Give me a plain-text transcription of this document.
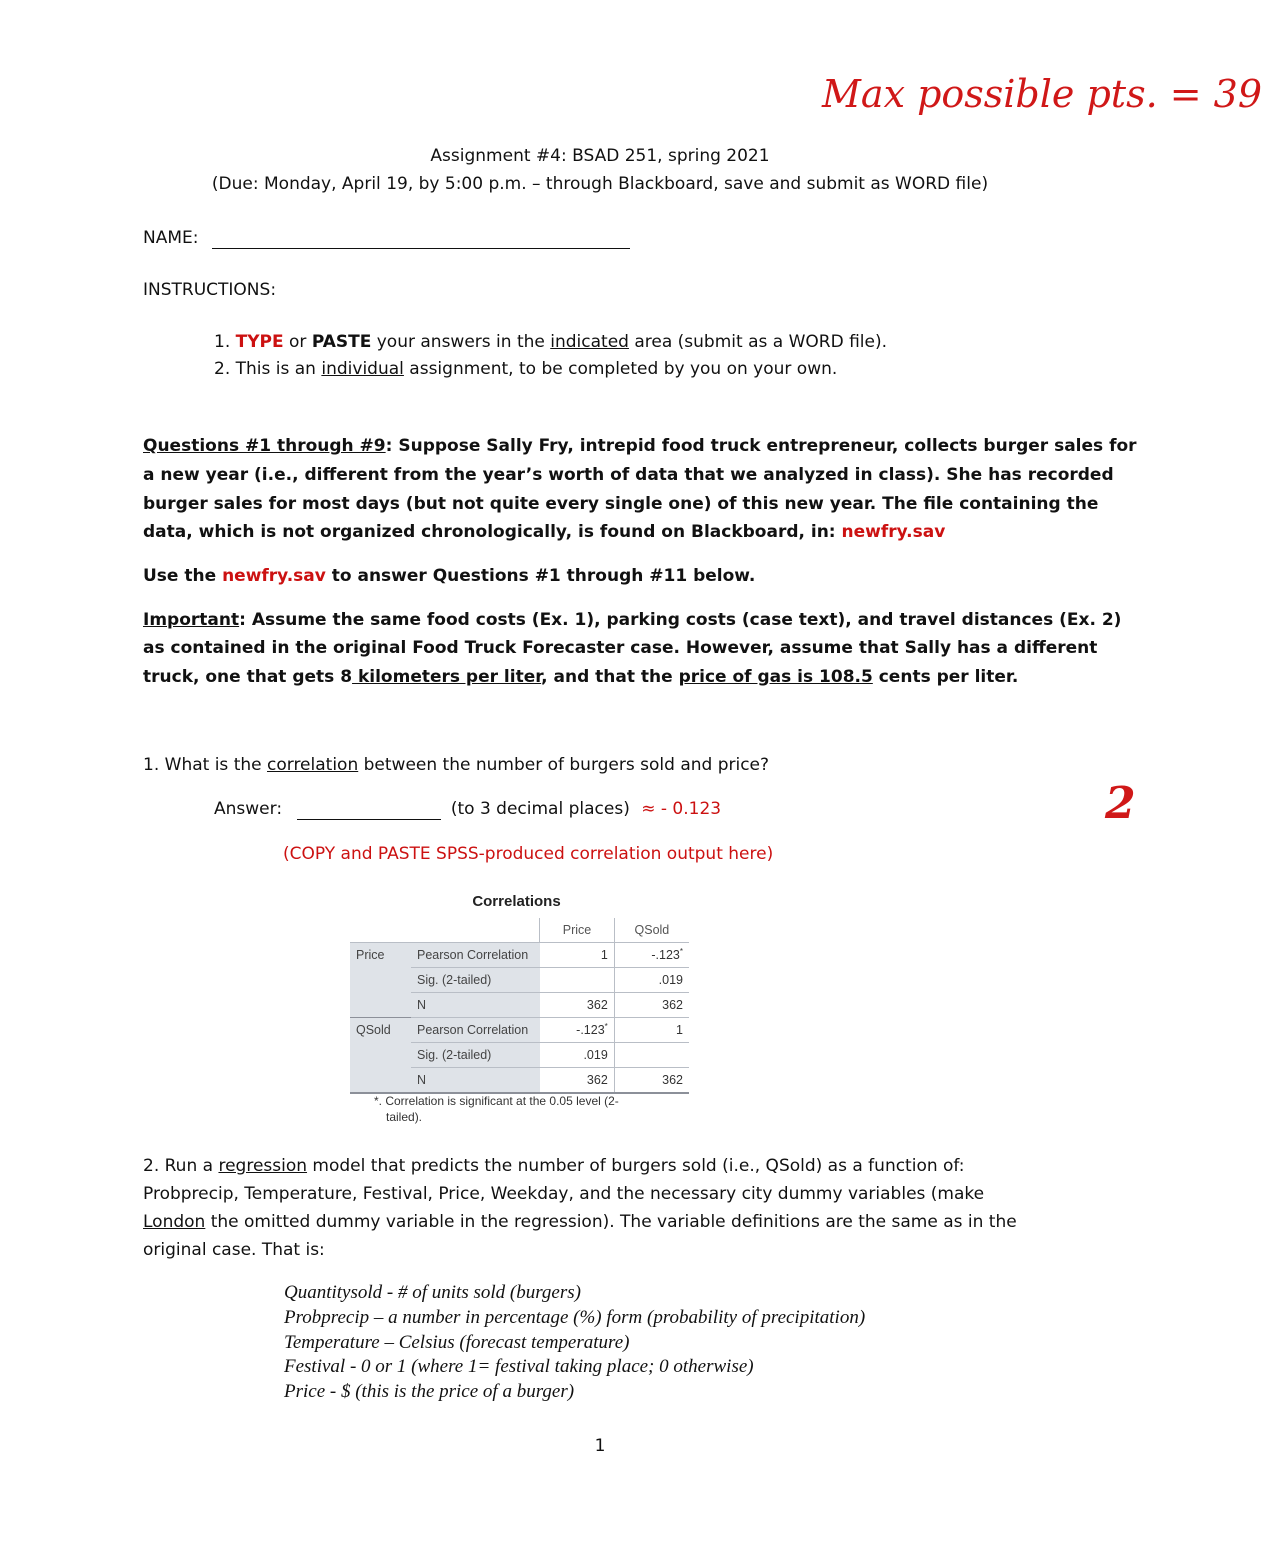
Max possible pts. = 39
2
Assignment #4: BSAD 251, spring 2021
(Due: Monday, April 19, by 5:00 p.m. – through Blackboard, save and submit as WORD file)
NAME:
INSTRUCTIONS:
1. TYPE or PASTE your answers in the indicated area (submit as a WORD file).
2. This is an individual assignment, to be completed by you on your own.
Questions #1 through #9: Suppose Sally Fry, intrepid food truck entrepreneur, collects burger sales for
a new year (i.e., different from the year’s worth of data that we analyzed in class). She has recorded
burger sales for most days (but not quite every single one) of this new year. The file containing the
data, which is not organized chronologically, is found on Blackboard, in: newfry.sav
Use the newfry.sav to answer Questions #1 through #11 below.
Important: Assume the same food costs (Ex. 1), parking costs (case text), and travel distances (Ex. 2)
as contained in the original Food Truck Forecaster case. However, assume that Sally has a different
truck, one that gets 8 kilometers per liter, and that the price of gas is 108.5 cents per liter.
1. What is the correlation between the number of burgers sold and price?
Answer:	(to 3 decimal places) ≈ - 0.123
(COPY and PASTE SPSS-produced correlation output here)
Correlations
		Price	QSold
Price	Pearson Correlation	1	-.123*
	Sig. (2-tailed)		.019
	N	362	362
QSold	Pearson Correlation	-.123*	1
	Sig. (2-tailed)	.019	
	N	362	362
*. Correlation is significant at the 0.05 level (2-
tailed).
2. Run a regression model that predicts the number of burgers sold (i.e., QSold) as a function of:
Probprecip, Temperature, Festival, Price, Weekday, and the necessary city dummy variables (make
London the omitted dummy variable in the regression). The variable definitions are the same as in the
original case. That is:
Quantitysold - # of units sold (burgers)
Probprecip – a number in percentage (%) form (probability of precipitation)
Temperature – Celsius (forecast temperature)
Festival - 0 or 1 (where 1= festival taking place; 0 otherwise)
Price - $ (this is the price of a burger)
1
